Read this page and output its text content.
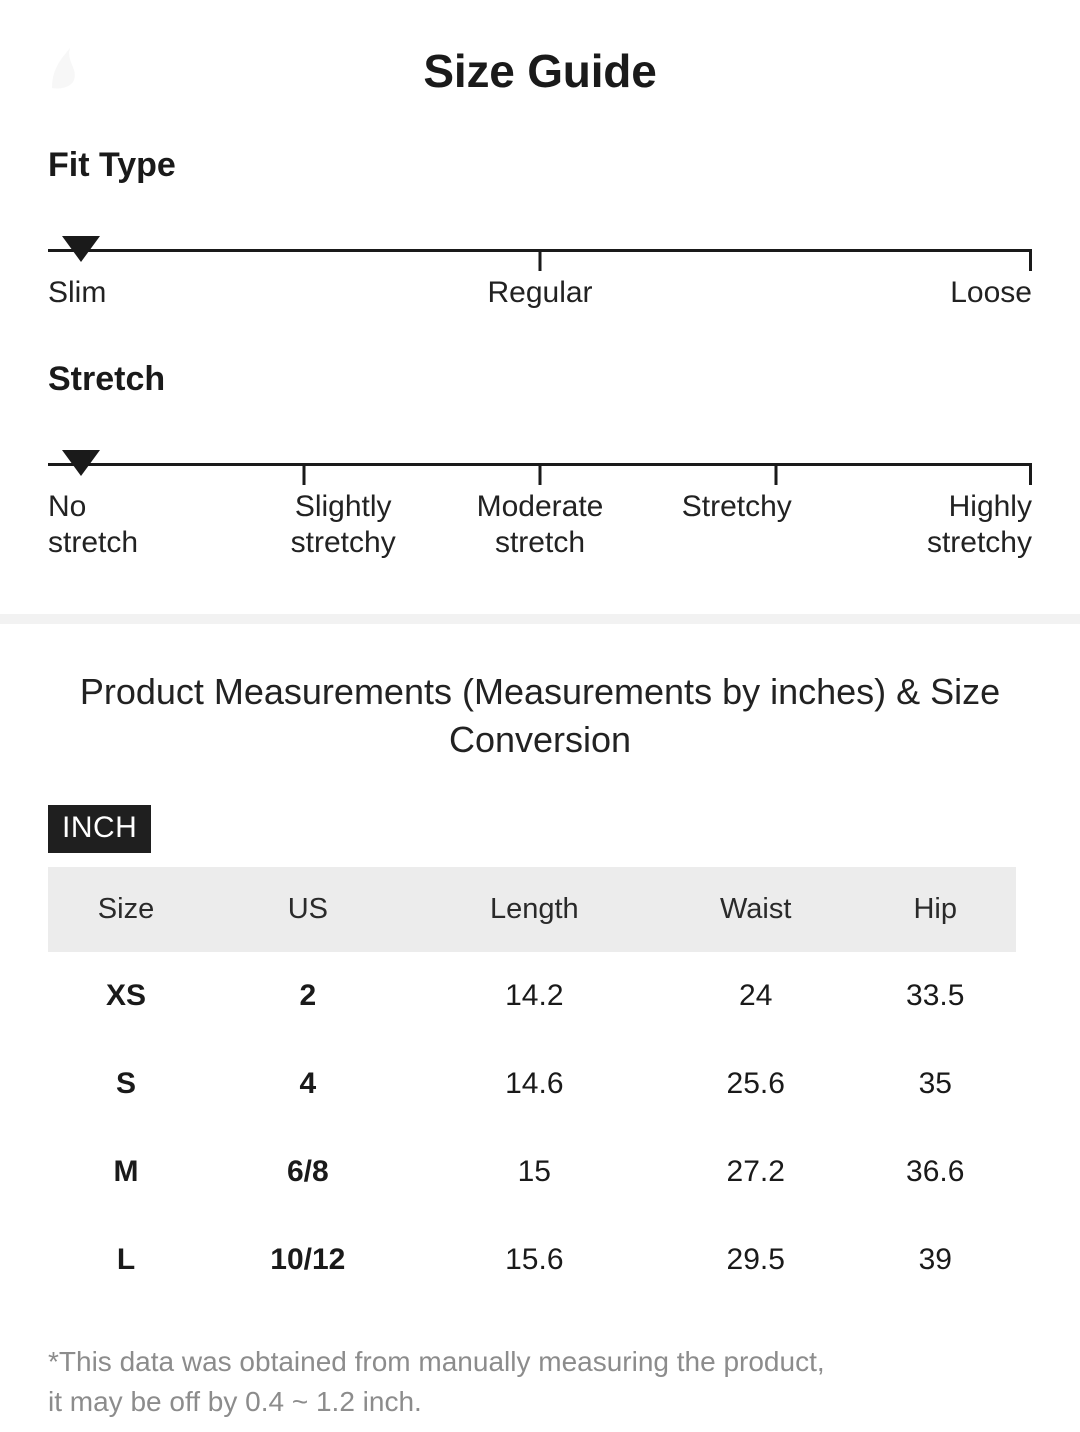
Size Guide
Fit Type
Slim	Regular	Loose
Stretch
No
stretch
Slightly
stretchy
Moderate
stretch
Stretchy	Highly
stretchy
Product Measurements (Measurements by inches) & Size Conversion
INCH
Size	US	Length	Waist	Hip
XS	2	14.2	24	33.5
S	4	14.6	25.6	35
M	6/8	15	27.2	36.6
L	10/12	15.6	29.5	39
*This data was obtained from manually measuring the product,
it may be off by 0.4 ~ 1.2 inch.
